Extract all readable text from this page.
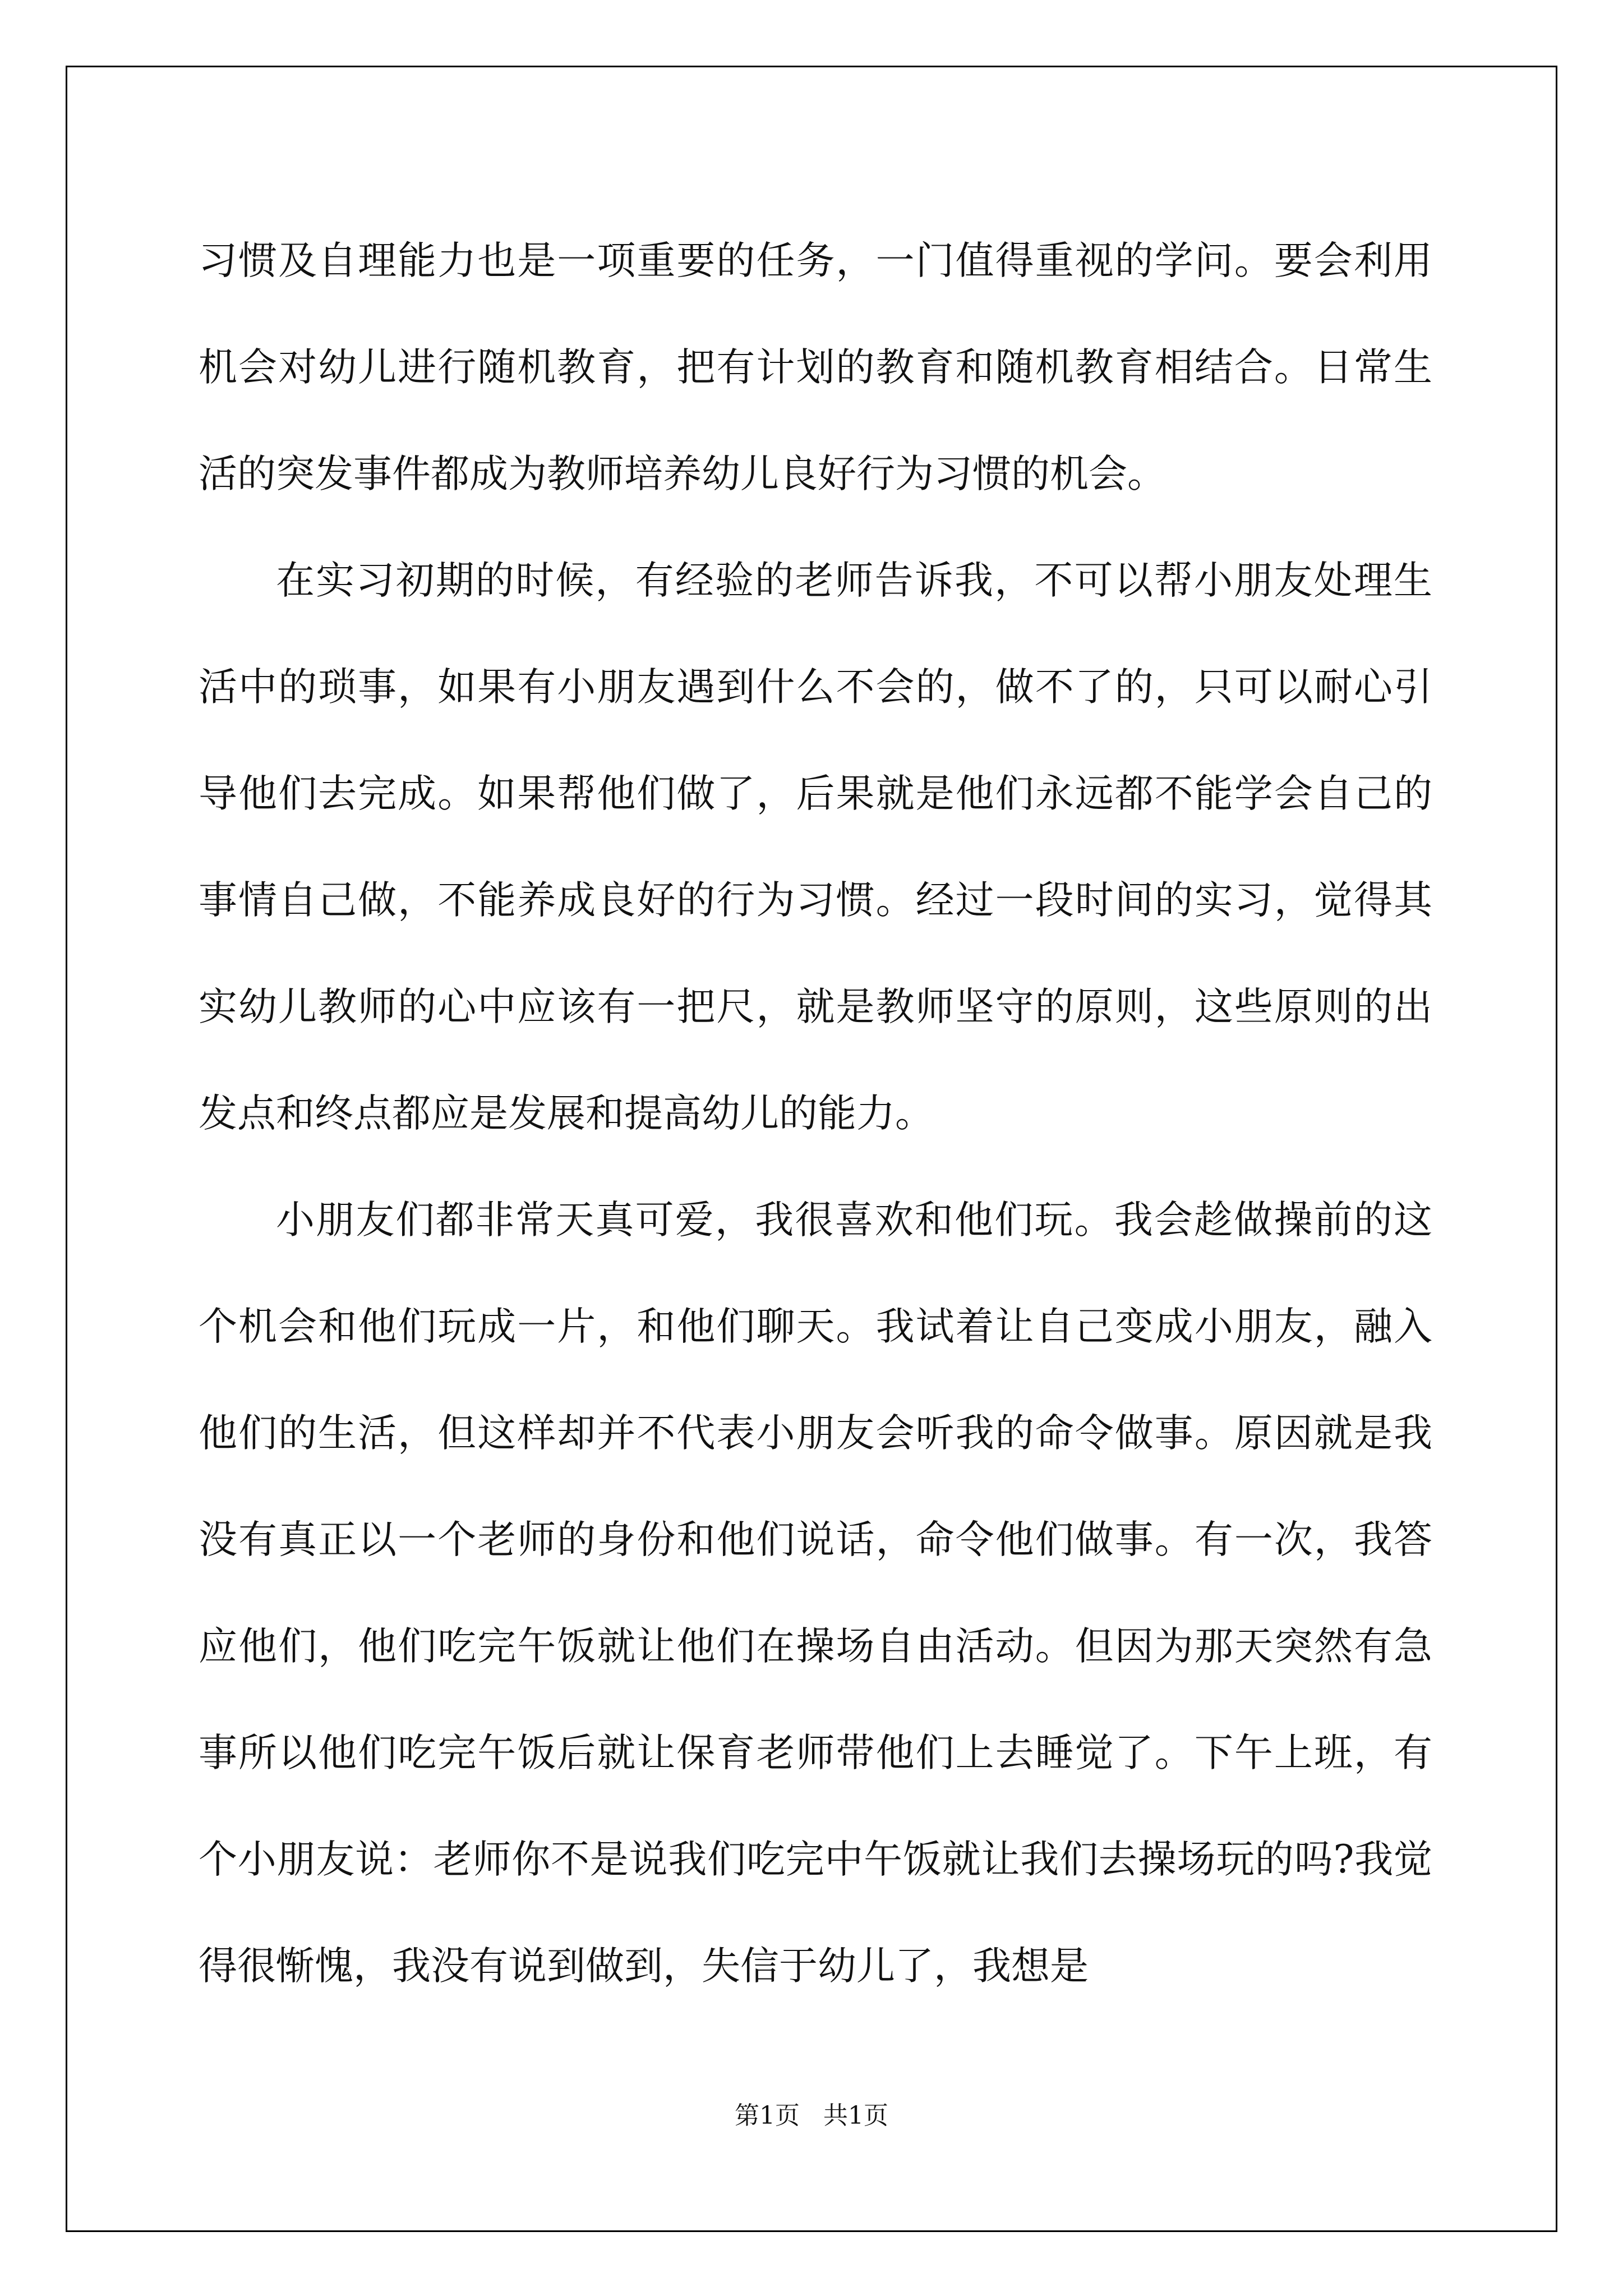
习惯及自理能力也是一项重要的任务，一门值得重视的学问。要会利用机会对幼儿进行随机教育，把有计划的教育和随机教育相结合。日常生活的突发事件都成为教师培养幼儿良好行为习惯的机会。

在实习初期的时候，有经验的老师告诉我，不可以帮小朋友处理生活中的琐事，如果有小朋友遇到什么不会的，做不了的，只可以耐心引导他们去完成。如果帮他们做了，后果就是他们永远都不能学会自己的事情自己做，不能养成良好的行为习惯。经过一段时间的实习，觉得其实幼儿教师的心中应该有一把尺，就是教师坚守的原则，这些原则的出发点和终点都应是发展和提高幼儿的能力。

小朋友们都非常天真可爱，我很喜欢和他们玩。我会趁做操前的这个机会和他们玩成一片，和他们聊天。我试着让自己变成小朋友，融入他们的生活，但这样却并不代表小朋友会听我的命令做事。原因就是我没有真正以一个老师的身份和他们说话，命令他们做事。有一次，我答应他们，他们吃完午饭就让他们在操场自由活动。但因为那天突然有急事所以他们吃完午饭后就让保育老师带他们上去睡觉了。下午上班，有个小朋友说：老师你不是说我们吃完中午饭就让我们去操场玩的吗?我觉得很惭愧，我没有说到做到，失信于幼儿了，我想是

第1页   共1页
